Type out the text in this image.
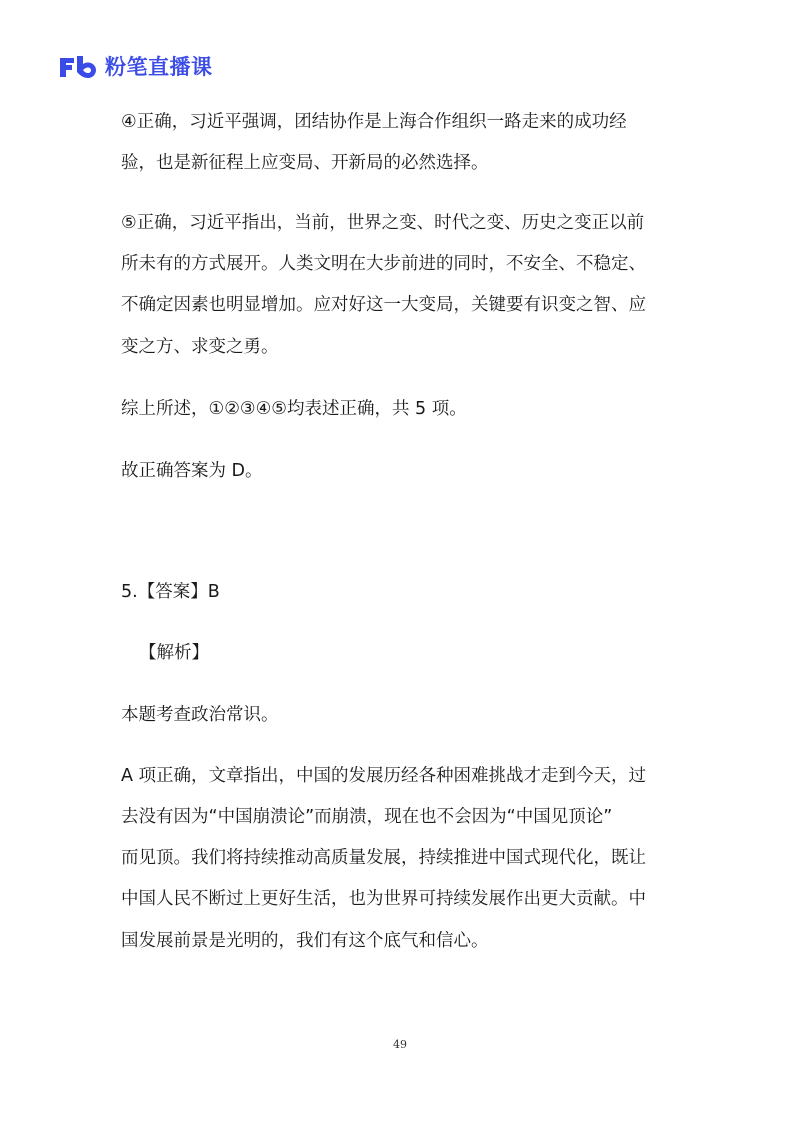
粉笔直播课
④正确，习近平强调，团结协作是上海合作组织一路走来的成功经
验，也是新征程上应变局、开新局的必然选择。
⑤正确，习近平指出，当前，世界之变、时代之变、历史之变正以前
所未有的方式展开。人类文明在大步前进的同时，不安全、不稳定、
不确定因素也明显增加。应对好这一大变局，关键要有识变之智、应
变之方、求变之勇。
综上所述，①②③④⑤均表述正确，共 5 项。
故正确答案为 D。
5.【答案】B
【解析】
本题考查政治常识。
A 项正确，文章指出，中国的发展历经各种困难挑战才走到今天，过
去没有因为“中国崩溃论”而崩溃，现在也不会因为“中国见顶论”
而见顶。我们将持续推动高质量发展，持续推进中国式现代化，既让
中国人民不断过上更好生活，也为世界可持续发展作出更大贡献。中
国发展前景是光明的，我们有这个底气和信心。
49
